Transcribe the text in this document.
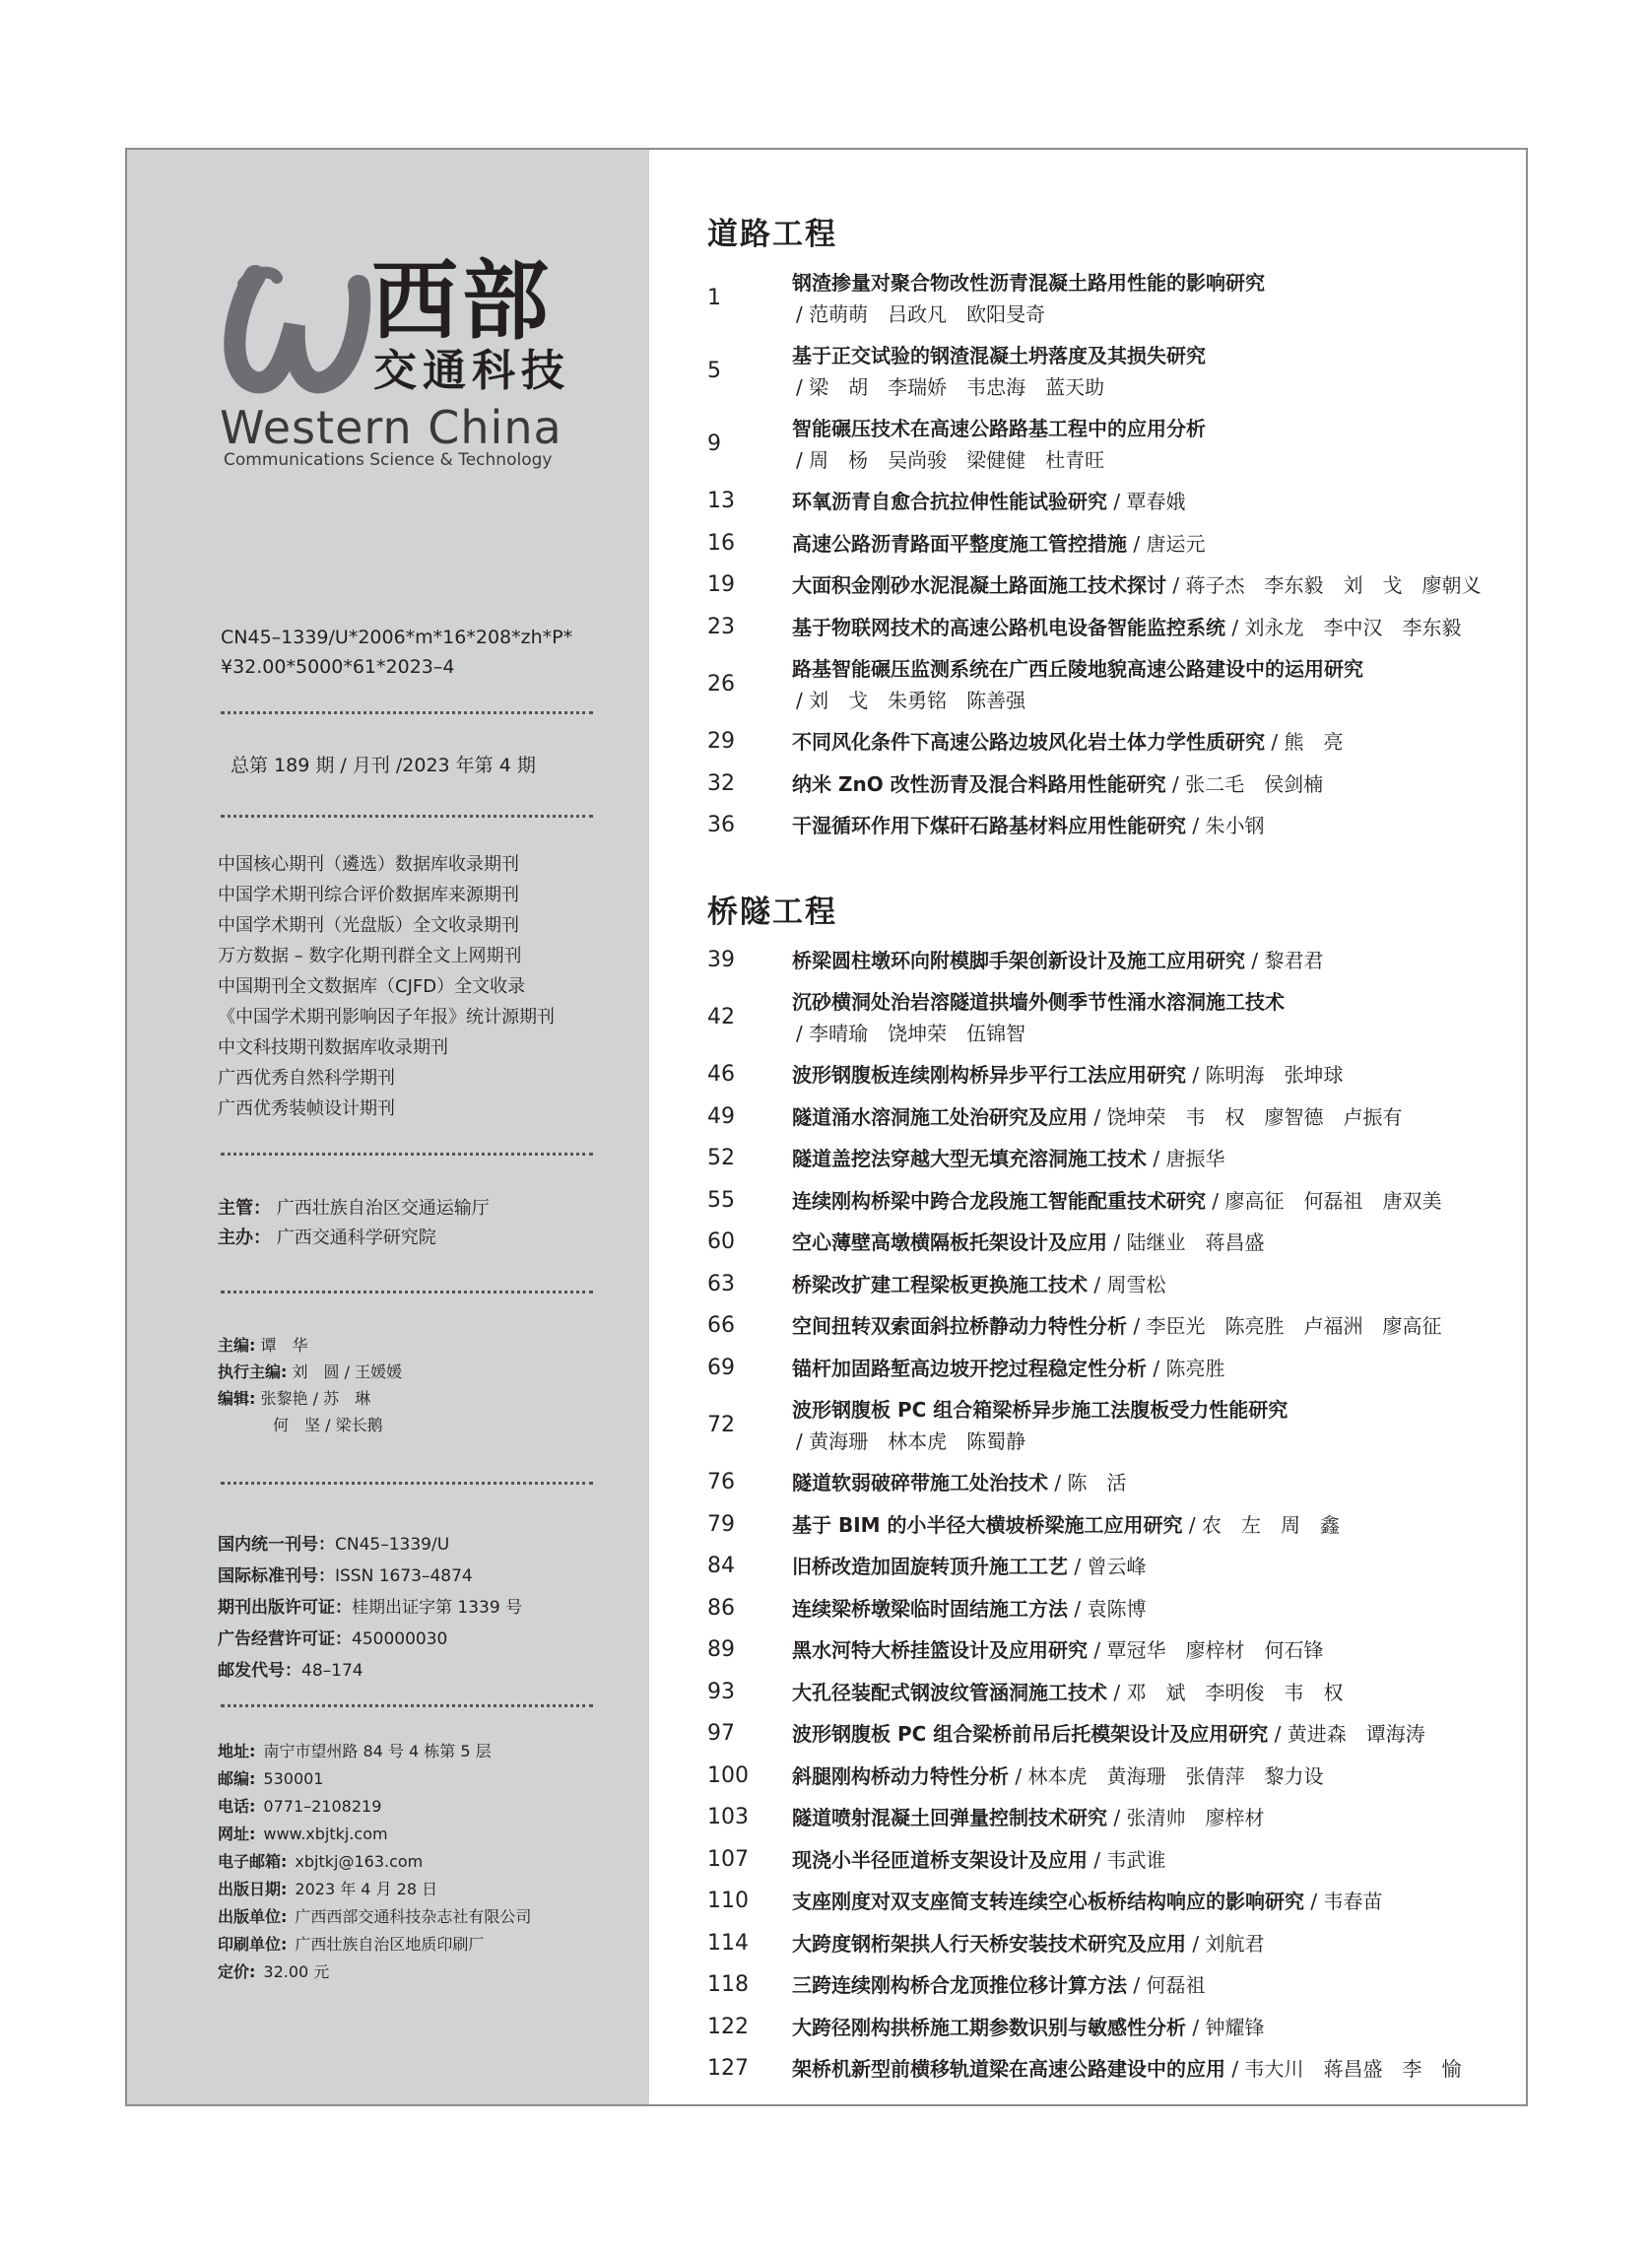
西部
交通科技
Western China
Communications Science & Technology
CN45–1339/U*2006*m*16*208*zh*P*
¥32.00*5000*61*2023–4
总第 189 期 / 月刊 /2023 年第 4 期
中国核心期刊（遴选）数据库收录期刊
中国学术期刊综合评价数据库来源期刊
中国学术期刊（光盘版）全文收录期刊
万方数据 – 数字化期刊群全文上网期刊
中国期刊全文数据库（CJFD）全文收录
《中国学术期刊影响因子年报》统计源期刊
中文科技期刊数据库收录期刊
广西优秀自然科学期刊
广西优秀装帧设计期刊
主管： 广西壮族自治区交通运输厅
主办： 广西交通科学研究院
主编: 谭　华
执行主编: 刘　圆 / 王媛媛
编辑: 张黎艳 / 苏　琳
何　坚 / 梁长鹅
国内统一刊号：CN45–1339/U
国际标准刊号：ISSN 1673–4874
期刊出版许可证：桂期出证字第 1339 号
广告经营许可证：450000030
邮发代号：48–174
地址:  南宁市望州路 84 号 4 栋第 5 层
邮编:  530001
电话:  0771–2108219
网址:  www.xbjtkj.com
电子邮箱:  xbjtkj@163.com
出版日期:  2023 年 4 月 28 日
出版单位:  广西西部交通科技杂志社有限公司
印刷单位:  广西壮族自治区地质印刷厂
定价:  32.00 元
道路工程
1
钢渣掺量对聚合物改性沥青混凝土路用性能的影响研究
/ 范萌萌　吕政凡　欧阳旻奇
5
基于正交试验的钢渣混凝土坍落度及其损失研究
/ 梁　胡　李瑞娇　韦忠海　蓝天助
9
智能碾压技术在高速公路路基工程中的应用分析
/ 周　杨　吴尚骏　梁健健　杜青旺
13	环氧沥青自愈合抗拉伸性能试验研究 / 覃春娥
16	高速公路沥青路面平整度施工管控措施 / 唐运元
19	大面积金刚砂水泥混凝土路面施工技术探讨 / 蒋子杰　李东毅　刘　戈　廖朝义
23	基于物联网技术的高速公路机电设备智能监控系统 / 刘永龙　李中汉　李东毅
26
路基智能碾压监测系统在广西丘陵地貌高速公路建设中的运用研究
/ 刘　戈　朱勇铭　陈善强
29	不同风化条件下高速公路边坡风化岩土体力学性质研究 / 熊　亮
32	纳米 ZnO 改性沥青及混合料路用性能研究 / 张二毛　侯剑楠
36	干湿循环作用下煤矸石路基材料应用性能研究 / 朱小钢
桥隧工程
39	桥梁圆柱墩环向附模脚手架创新设计及施工应用研究 / 黎君君
42
沉砂横洞处治岩溶隧道拱墙外侧季节性涌水溶洞施工技术
/ 李晴瑜　饶坤荣　伍锦智
46	波形钢腹板连续刚构桥异步平行工法应用研究 / 陈明海　张坤球
49	隧道涌水溶洞施工处治研究及应用 / 饶坤荣　韦　权　廖智德　卢振有
52	隧道盖挖法穿越大型无填充溶洞施工技术 / 唐振华
55	连续刚构桥梁中跨合龙段施工智能配重技术研究 / 廖高征　何磊祖　唐双美
60	空心薄壁高墩横隔板托架设计及应用 / 陆继业　蒋昌盛
63	桥梁改扩建工程梁板更换施工技术 / 周雪松
66	空间扭转双索面斜拉桥静动力特性分析 / 李臣光　陈亮胜　卢福洲　廖高征
69	锚杆加固路堑高边坡开挖过程稳定性分析 / 陈亮胜
72
波形钢腹板 PC 组合箱梁桥异步施工法腹板受力性能研究
/ 黄海珊　林本虎　陈蜀静
76	隧道软弱破碎带施工处治技术 / 陈　活
79	基于 BIM 的小半径大横坡桥梁施工应用研究 / 农　左　周　鑫
84	旧桥改造加固旋转顶升施工工艺 / 曾云峰
86	连续梁桥墩梁临时固结施工方法 / 袁陈博
89	黑水河特大桥挂篮设计及应用研究 / 覃冠华　廖梓材　何石锋
93	大孔径装配式钢波纹管涵洞施工技术 / 邓　斌　李明俊　韦　权
97	波形钢腹板 PC 组合梁桥前吊后托模架设计及应用研究 / 黄进森　谭海涛
100	斜腿刚构桥动力特性分析 / 林本虎　黄海珊　张倩萍　黎力设
103	隧道喷射混凝土回弹量控制技术研究 / 张清帅　廖梓材
107	现浇小半径匝道桥支架设计及应用 / 韦武谁
110	支座刚度对双支座简支转连续空心板桥结构响应的影响研究 / 韦春苗
114	大跨度钢桁架拱人行天桥安装技术研究及应用 / 刘航君
118	三跨连续刚构桥合龙顶推位移计算方法 / 何磊祖
122	大跨径刚构拱桥施工期参数识别与敏感性分析 / 钟耀锋
127	架桥机新型前横移轨道梁在高速公路建设中的应用 / 韦大川　蒋昌盛　李　愉
